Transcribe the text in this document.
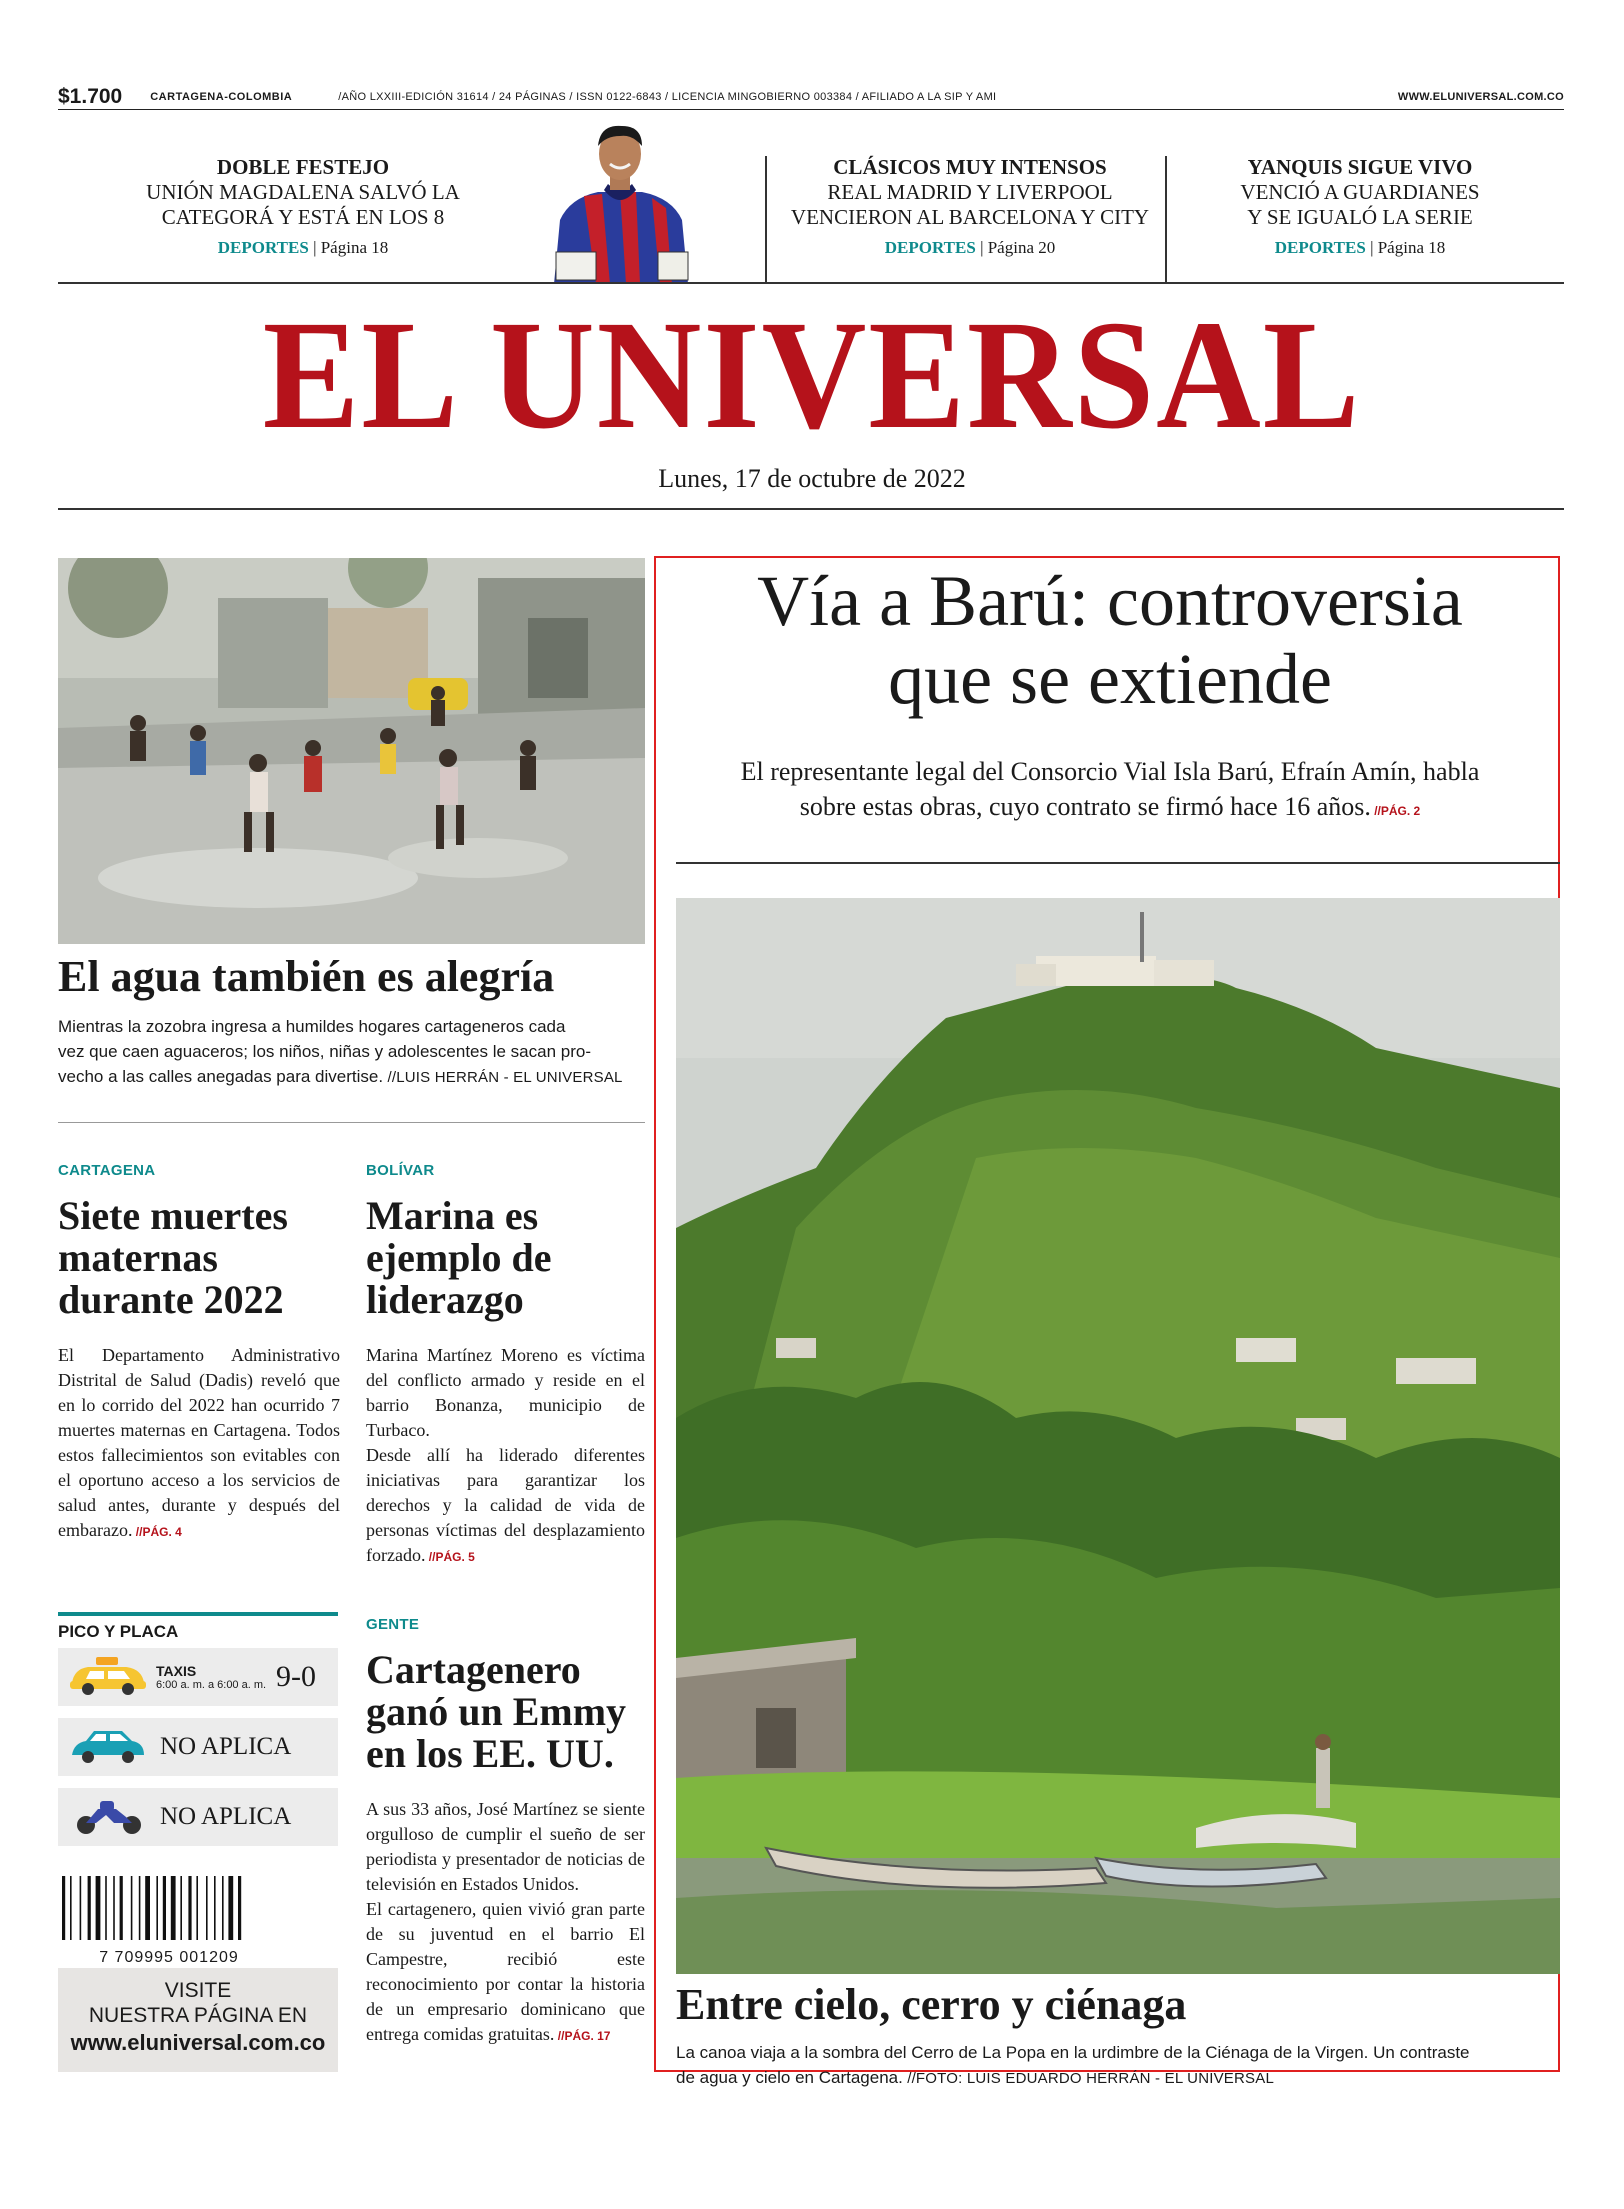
$1.700	CARTAGENA-COLOMBIA	/AÑO LXXIII-EDICIÓN 31614 / 24 PÁGINAS / ISSN 0122-6843 / LICENCIA MINGOBIERNO 003384 / AFILIADO A LA SIP Y AMI	WWW.ELUNIVERSAL.COM.CO
DOBLE FESTEJO
UNIÓN MAGDALENA SALVÓ LA
CATEGORÁ Y ESTÁ EN LOS 8
DEPORTES | Página 18
CLÁSICOS MUY INTENSOS
REAL MADRID Y LIVERPOOL
VENCIERON AL BARCELONA Y CITY
DEPORTES | Página 20
YANQUIS SIGUE VIVO
VENCIÓ A GUARDIANES
Y SE IGUALÓ LA SERIE
DEPORTES | Página 18
EL UNIVERSAL
Lunes, 17 de octubre de 2022
El agua también es alegría
Mientras la zozobra ingresa a humildes hogares cartageneros cada
vez que caen aguaceros; los niños, niñas y adolescentes le sacan pro-
vecho a las calles anegadas para divertise. //LUIS HERRÁN - EL UNIVERSAL
CARTAGENA
Siete muertes
maternas
durante 2022
El Departamento Administrativo Distrital de Salud (Dadis) reveló que en lo corrido del 2022 han ocurrido 7 muertes maternas en Cartagena. Todos estos fallecimientos son evitables con el oportuno acceso a los servicios de salud antes, durante y después del embarazo. //PÁG. 4
BOLÍVAR
Marina es
ejemplo de
liderazgo
Marina Martínez Moreno es víctima del conflicto armado y reside en el barrio Bonanza, municipio de Turbaco.
Desde allí ha liderado diferentes iniciativas para garantizar los derechos y la calidad de vida de personas víctimas del desplazamiento forzado. //PÁG. 5
PICO Y PLACA
TAXIS
6:00 a. m. a 6:00 a. m. 9-0
NO APLICA
NO APLICA
7 709995 001209
VISITE
NUESTRA PÁGINA EN
www.eluniversal.com.co
GENTE
Cartagenero
ganó un Emmy
en los EE. UU.
A sus 33 años, José Martínez se siente orgulloso de cumplir el sueño de ser periodista y presentador de noticias de televisión en Estados Unidos.
El cartagenero, quien vivió gran parte de su juventud en el barrio El Campestre, recibió este reconocimiento por contar la historia de un empresario dominicano que entrega comidas gratuitas. //PÁG. 17
Vía a Barú: controversia
que se extiende
El representante legal del Consorcio Vial Isla Barú, Efraín Amín, habla
sobre estas obras, cuyo contrato se firmó hace 16 años. //PÁG. 2
Entre cielo, cerro y ciénaga
La canoa viaja a la sombra del Cerro de La Popa en la urdimbre de la Ciénaga de la Virgen. Un contraste
de agua y cielo en Cartagena. //FOTO: LUIS EDUARDO HERRÁN - EL UNIVERSAL
